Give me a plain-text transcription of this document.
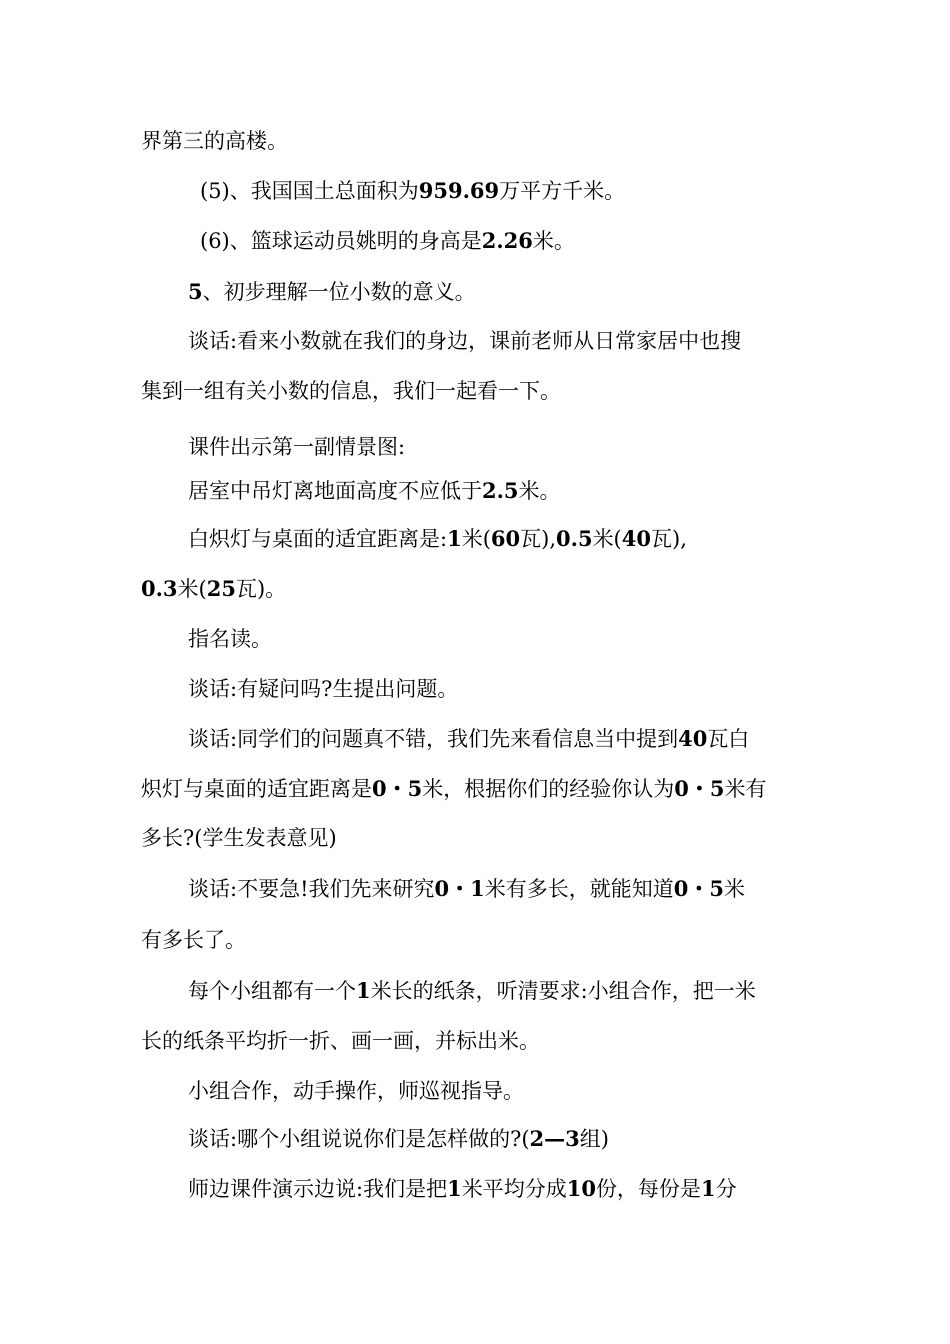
界第三的高楼。
(5)、我国国土总面积为959.69万平方千米。
(6)、篮球运动员姚明的身高是2.26米。
5、初步理解一位小数的意义。
谈话:看来小数就在我们的身边，课前老师从日常家居中也搜
集到一组有关小数的信息，我们一起看一下。
课件出示第一副情景图:
居室中吊灯离地面高度不应低于2.5米。
白炽灯与桌面的适宜距离是:1米(60瓦),0.5米(40瓦),
0.3米(25瓦)。
指名读。
谈话:有疑问吗?生提出问题。
谈话:同学们的问题真不错，我们先来看信息当中提到40瓦白
炽灯与桌面的适宜距离是0・5米，根据你们的经验你认为0・5米有
多长?(学生发表意见)
谈话:不要急!我们先来研究0・1米有多长，就能知道0・5米
有多长了。
每个小组都有一个1米长的纸条，听清要求:小组合作，把一米
长的纸条平均折一折、画一画，并标出米。
小组合作，动手操作，师巡视指导。
谈话:哪个小组说说你们是怎样做的?(2—3组)
师边课件演示边说:我们是把1米平均分成10份，每份是1分
